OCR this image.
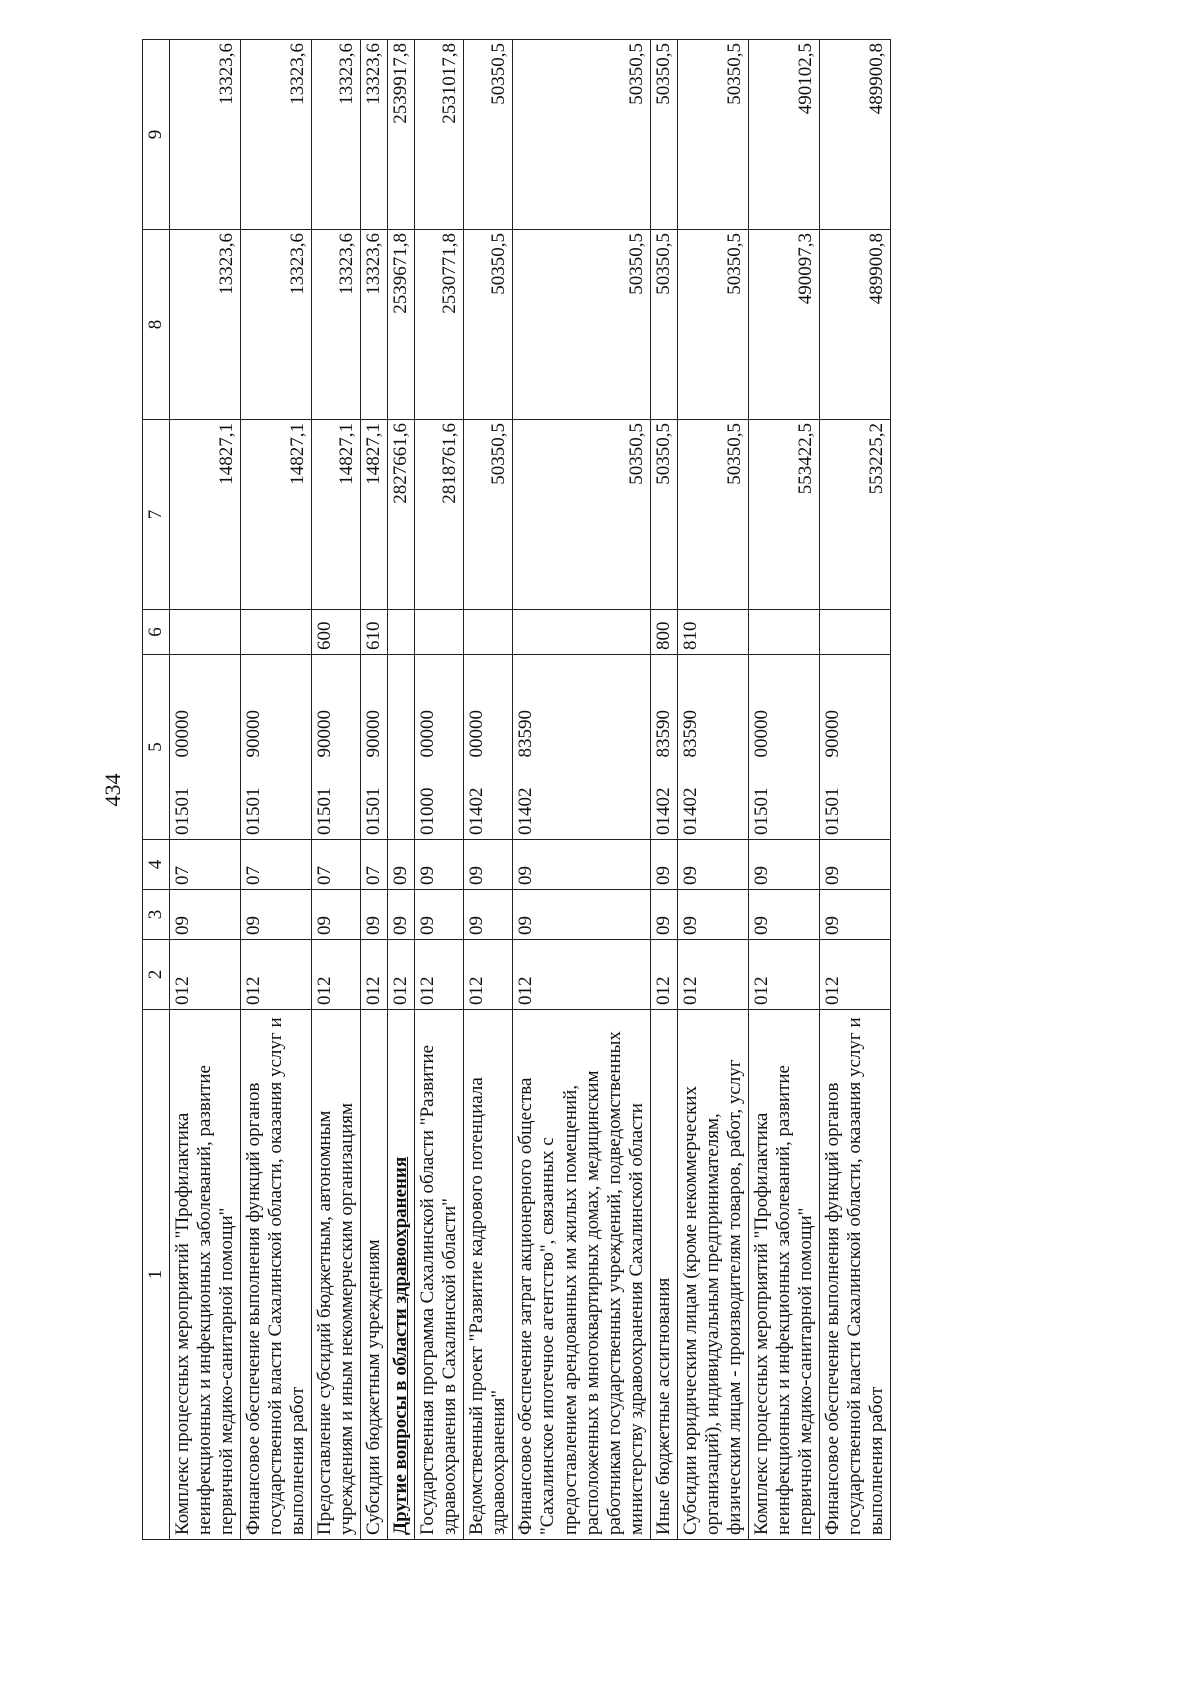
434
1	2	3	4	5	6	7	8	9
Комплекс процессных мероприятий "Профилактика неинфекционных и инфекционных заболеваний, развитие первичной медико-санитарной помощи"	012	09	07	0150100000		14827,1	13323,6	13323,6
Финансовое обеспечение выполнения функций органов государственной власти Сахалинской области, оказания услуг и выполнения работ	012	09	07	0150190000		14827,1	13323,6	13323,6
Предоставление субсидий бюджетным, автономным учреждениям и иным некоммерческим организациям	012	09	07	0150190000	600	14827,1	13323,6	13323,6
Субсидии бюджетным учреждениям	012	09	07	0150190000	610	14827,1	13323,6	13323,6
Другие вопросы в области здравоохранения	012	09	09			2827661,6	2539671,8	2539917,8
Государственная программа Сахалинской области "Развитие здравоохранения в Сахалинской области"	012	09	09	0100000000		2818761,6	2530771,8	2531017,8
Ведомственный проект "Развитие кадрового потенциала здравоохранения"	012	09	09	0140200000		50350,5	50350,5	50350,5
Финансовое обеспечение затрат акционерного общества "Сахалинское ипотечное агентство", связанных с предоставлением арендованных им жилых помещений, расположенных в многоквартирных домах, медицинским работникам государственных учреждений, подведомственных министерству здравоохранения Сахалинской области	012	09	09	0140283590		50350,5	50350,5	50350,5
Иные бюджетные ассигнования	012	09	09	0140283590	800	50350,5	50350,5	50350,5
Субсидии юридическим лицам (кроме некоммерческих организаций), индивидуальным предпринимателям, физическим лицам - производителям товаров, работ, услуг	012	09	09	0140283590	810	50350,5	50350,5	50350,5
Комплекс процессных мероприятий "Профилактика неинфекционных и инфекционных заболеваний, развитие первичной медико-санитарной помощи"	012	09	09	0150100000		553422,5	490097,3	490102,5
Финансовое обеспечение выполнения функций органов государственной власти Сахалинской области, оказания услуг и выполнения работ	012	09	09	0150190000		553225,2	489900,8	489900,8
